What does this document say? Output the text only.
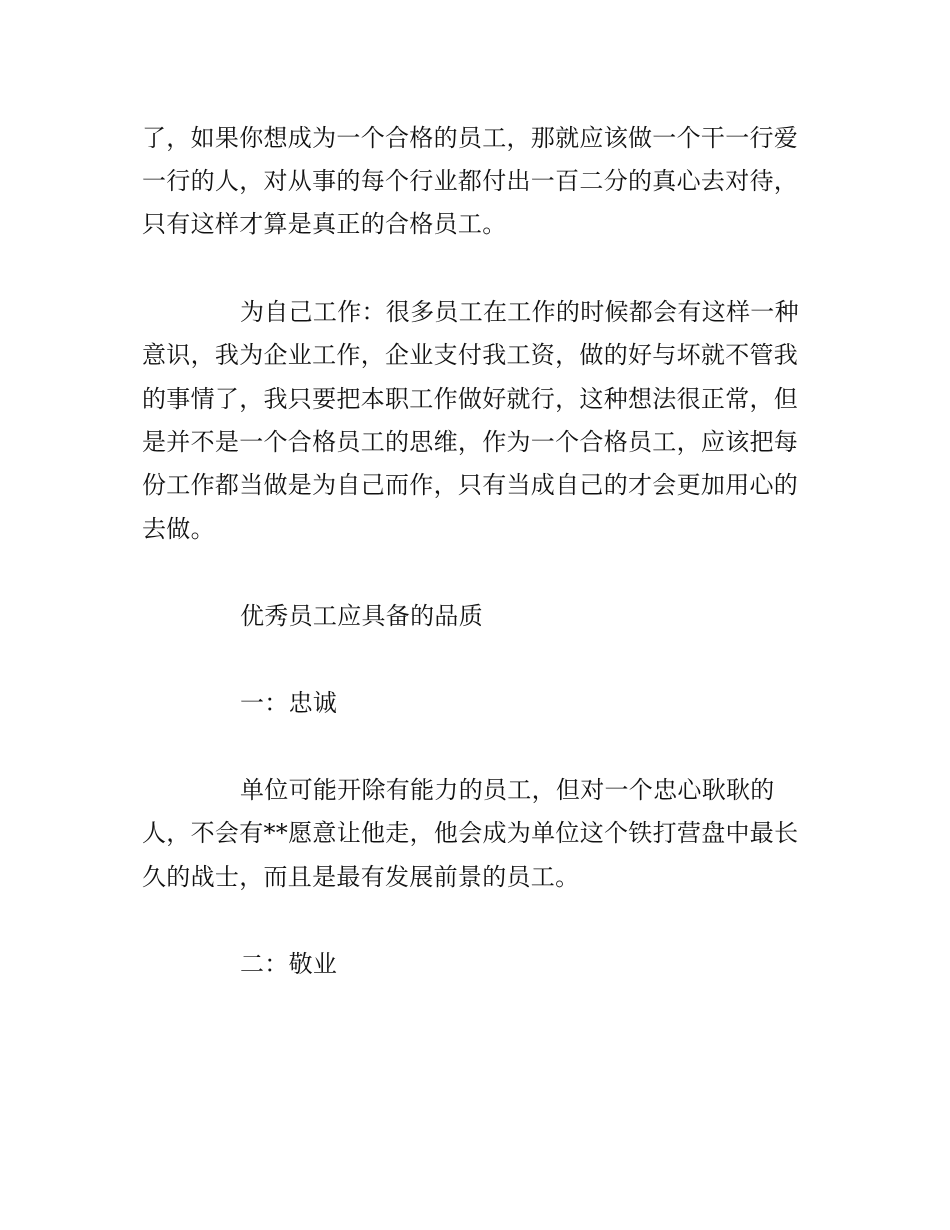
了，如果你想成为一个合格的员工，那就应该做一个干一行爱
一行的人，对从事的每个行业都付出一百二分的真心去对待，
只有这样才算是真正的合格员工。
为自己工作：很多员工在工作的时候都会有这样一种
意识，我为企业工作，企业支付我工资，做的好与坏就不管我
的事情了，我只要把本职工作做好就行，这种想法很正常，但
是并不是一个合格员工的思维，作为一个合格员工，应该把每
份工作都当做是为自己而作，只有当成自己的才会更加用心的
去做。
优秀员工应具备的品质
一：忠诚
单位可能开除有能力的员工，但对一个忠心耿耿的
人，不会有**愿意让他走，他会成为单位这个铁打营盘中最长
久的战士，而且是最有发展前景的员工。
二：敬业
